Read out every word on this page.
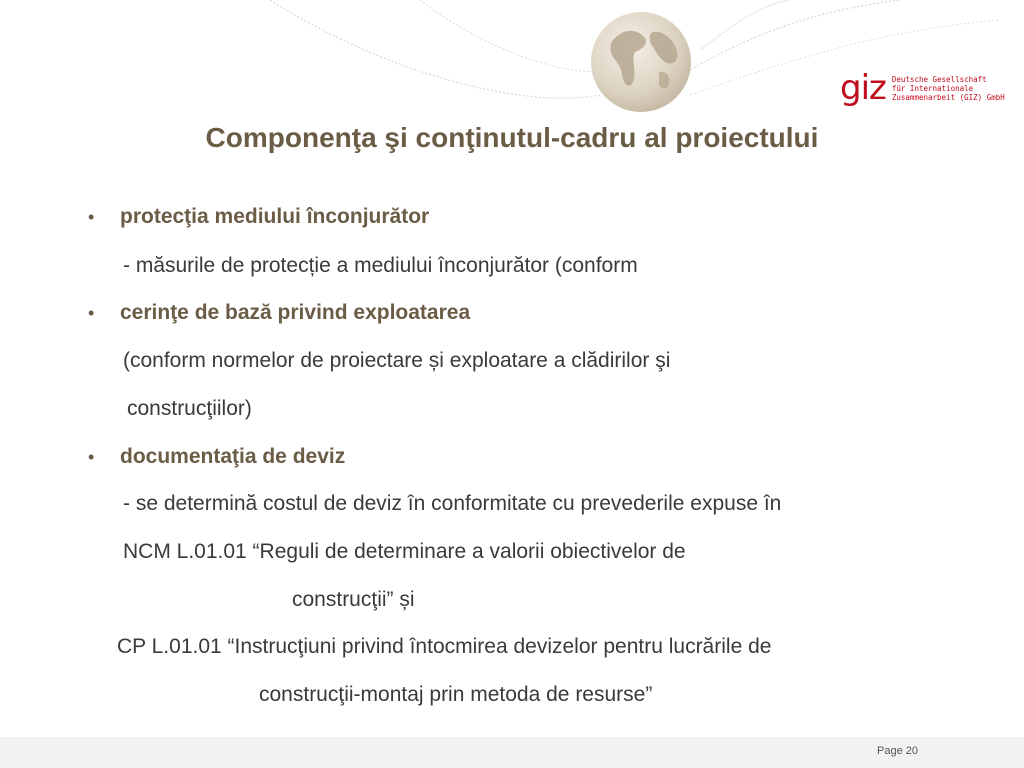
giz Deutsche Gesellschaft
für Internationale
Zusammenarbeit (GIZ) GmbH
Componenţa şi conţinutul-cadru al proiectului
• protecţia mediului înconjurător
- măsurile de protecție a mediului înconjurător (conform
• cerinţe de bază privind exploatarea
(conform normelor de proiectare și exploatare a clădirilor şi
construcţiilor)
• documentaţia de deviz
- se determină costul de deviz în conformitate cu prevederile expuse în
NCM L.01.01 “Reguli de determinare a valorii obiectivelor de
construcţii” și
CP L.01.01 “Instrucţiuni privind întocmirea devizelor pentru lucrările de
construcţii-montaj prin metoda de resurse”
Page 20
